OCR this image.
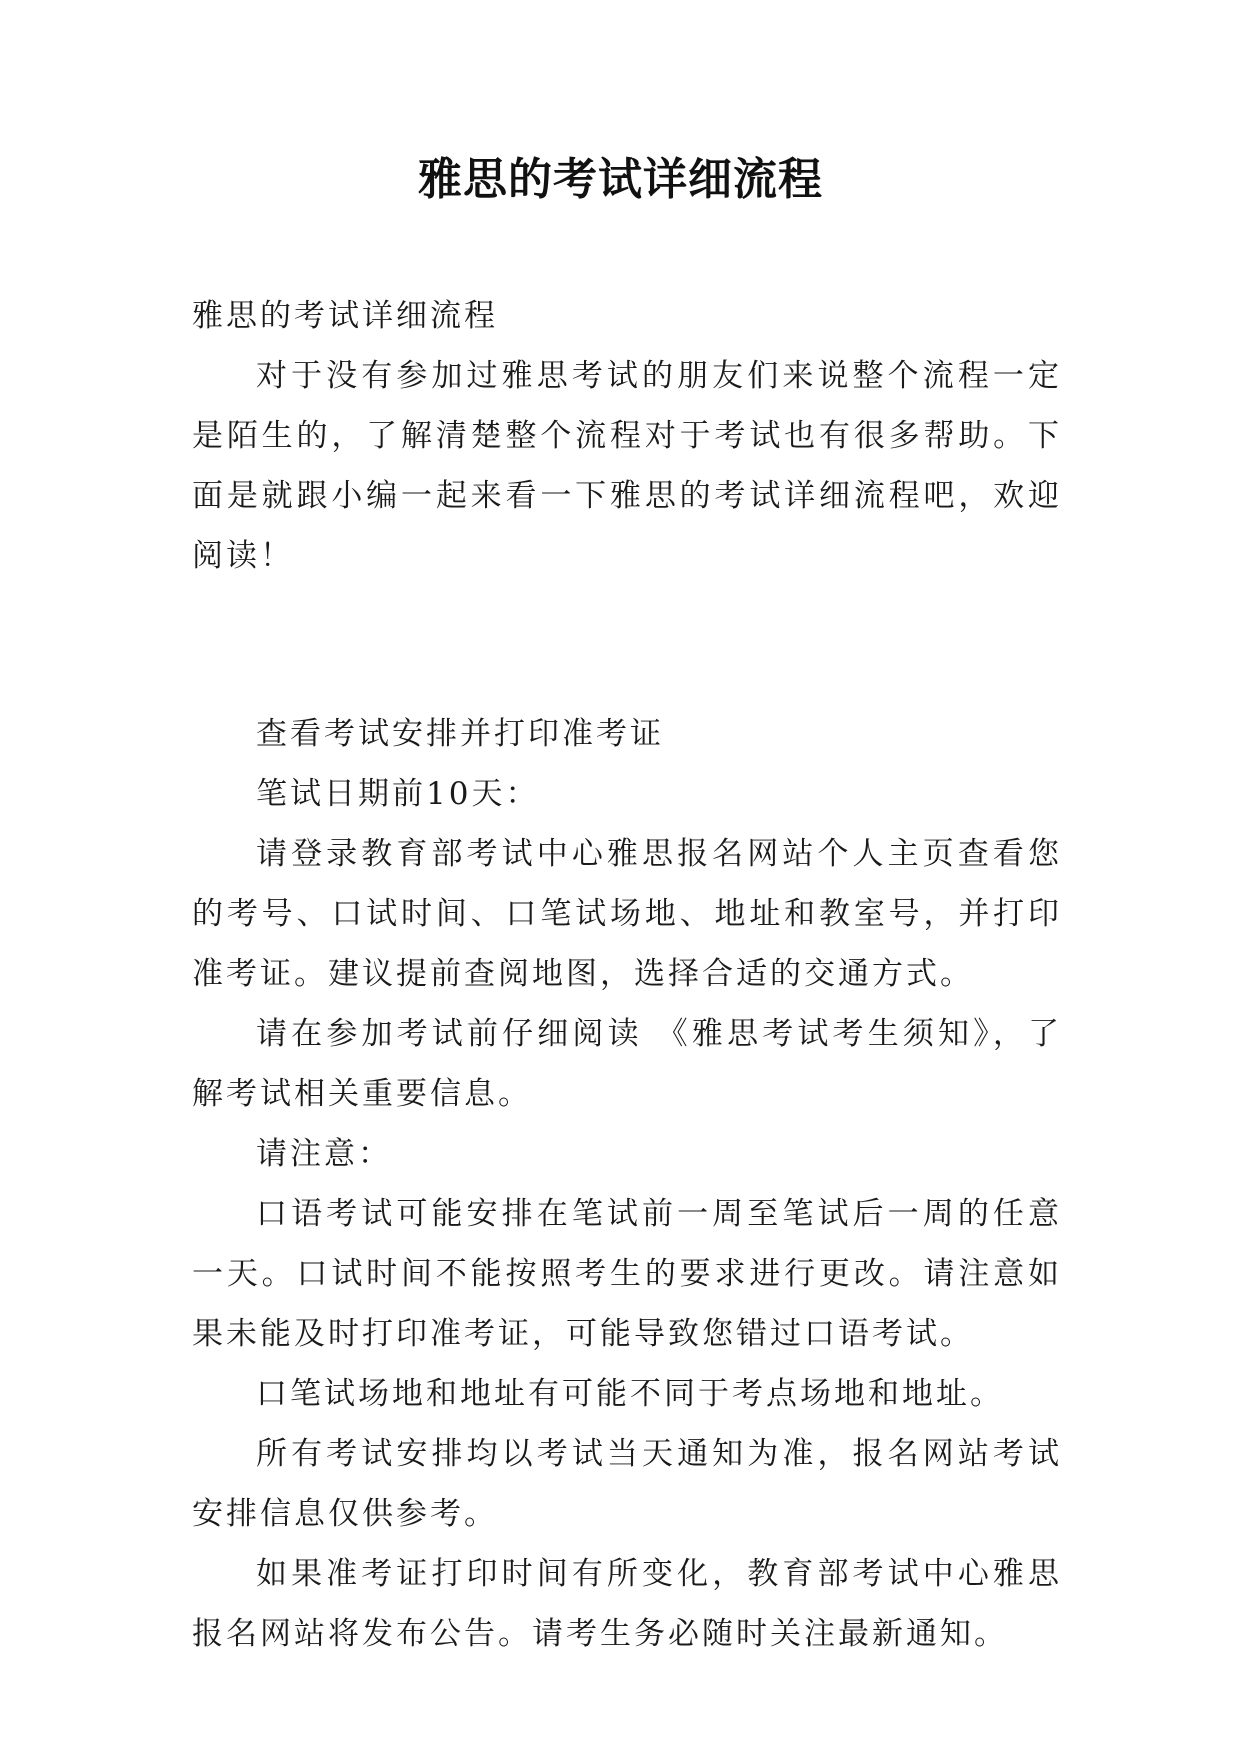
雅思的考试详细流程

雅思的考试详细流程

对于没有参加过雅思考试的朋友们来说整个流程一定是陌生的，了解清楚整个流程对于考试也有很多帮助。下面是就跟小编一起来看一下雅思的考试详细流程吧，欢迎阅读！

查看考试安排并打印准考证

笔试日期前10天：

请登录教育部考试中心雅思报名网站个人主页查看您的考号、口试时间、口笔试场地、地址和教室号，并打印准考证。建议提前查阅地图，选择合适的交通方式。

请在参加考试前仔细阅读 《雅思考试考生须知》，了解考试相关重要信息。

请注意：

口语考试可能安排在笔试前一周至笔试后一周的任意一天。口试时间不能按照考生的要求进行更改。请注意如果未能及时打印准考证，可能导致您错过口语考试。

口笔试场地和地址有可能不同于考点场地和地址。

所有考试安排均以考试当天通知为准，报名网站考试安排信息仅供参考。

如果准考证打印时间有所变化，教育部考试中心雅思报名网站将发布公告。请考生务必随时关注最新通知。
